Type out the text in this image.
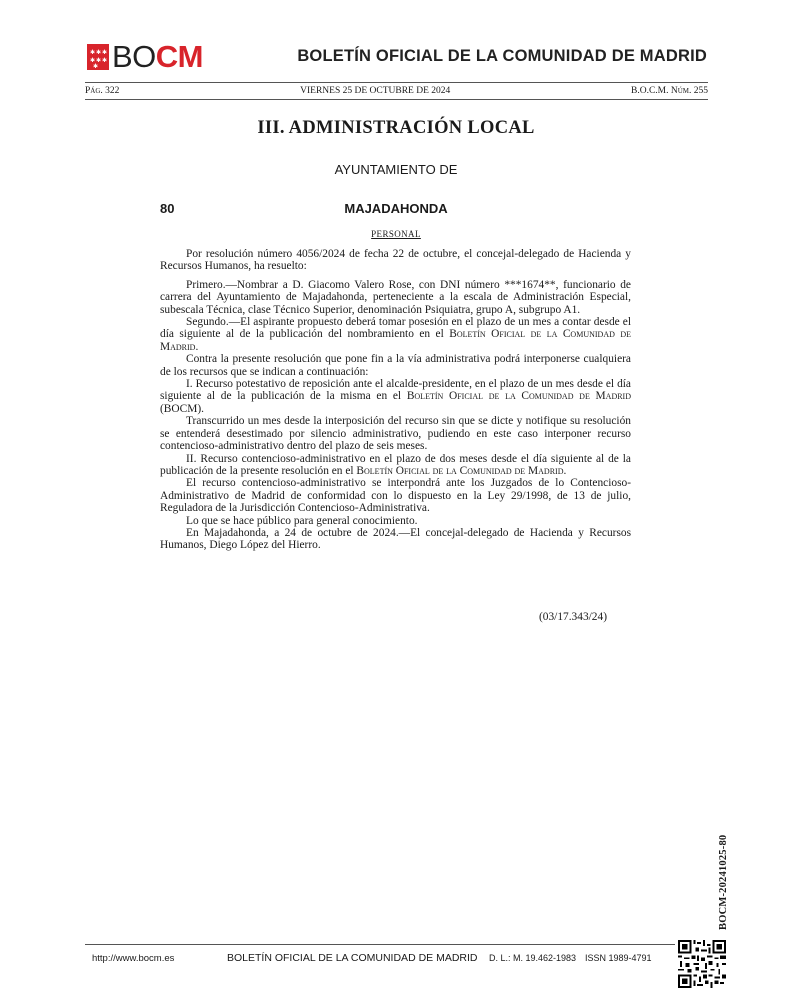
✱ ✱ ✱
✱ ✱ ✱
✱ BOCM	BOLETÍN OFICIAL DE LA COMUNIDAD DE MADRID
Pág. 322	VIERNES 25 DE OCTUBRE DE 2024	B.O.C.M. Núm. 255
III. ADMINISTRACIÓN LOCAL
AYUNTAMIENTO DE
80	MAJADAHONDA
PERSONAL

Por resolución número 4056/2024 de fecha 22 de octubre, el concejal-delegado de Hacienda y Recursos Humanos, ha resuelto:

Primero.—Nombrar a D. Giacomo Valero Rose, con DNI número ***1674**, funcionario de carrera del Ayuntamiento de Majadahonda, perteneciente a la escala de Administración Especial, subescala Técnica, clase Técnico Superior, denominación Psiquiatra, grupo A, subgrupo A1.

Segundo.—El aspirante propuesto deberá tomar posesión en el plazo de un mes a contar desde el día siguiente al de la publicación del nombramiento en el Boletín Oficial de la Comunidad de Madrid.

Contra la presente resolución que pone fin a la vía administrativa podrá interponerse cualquiera de los recursos que se indican a continuación:

I. Recurso potestativo de reposición ante el alcalde-presidente, en el plazo de un mes desde el día siguiente al de la publicación de la misma en el Boletín Oficial de la Comunidad de Madrid (BOCM).

Transcurrido un mes desde la interposición del recurso sin que se dicte y notifique su resolución se entenderá desestimado por silencio administrativo, pudiendo en este caso interponer recurso contencioso-administrativo dentro del plazo de seis meses.

II. Recurso contencioso-administrativo en el plazo de dos meses desde el día siguiente al de la publicación de la presente resolución en el Boletín Oficial de la Comunidad de Madrid.

El recurso contencioso-administrativo se interpondrá ante los Juzgados de lo Contencioso-Administrativo de Madrid de conformidad con lo dispuesto en la Ley 29/1998, de 13 de julio, Reguladora de la Jurisdicción Contencioso-Administrativa.

Lo que se hace público para general conocimiento.

En Majadahonda, a 24 de octubre de 2024.—El concejal-delegado de Hacienda y Recursos Humanos, Diego López del Hierro.

(03/17.343/24)
BOCM-20241025-80
http://www.bocm.es	BOLETÍN OFICIAL DE LA COMUNIDAD DE MADRID	D. L.: M. 19.462-1983 ISSN 1989-4791
